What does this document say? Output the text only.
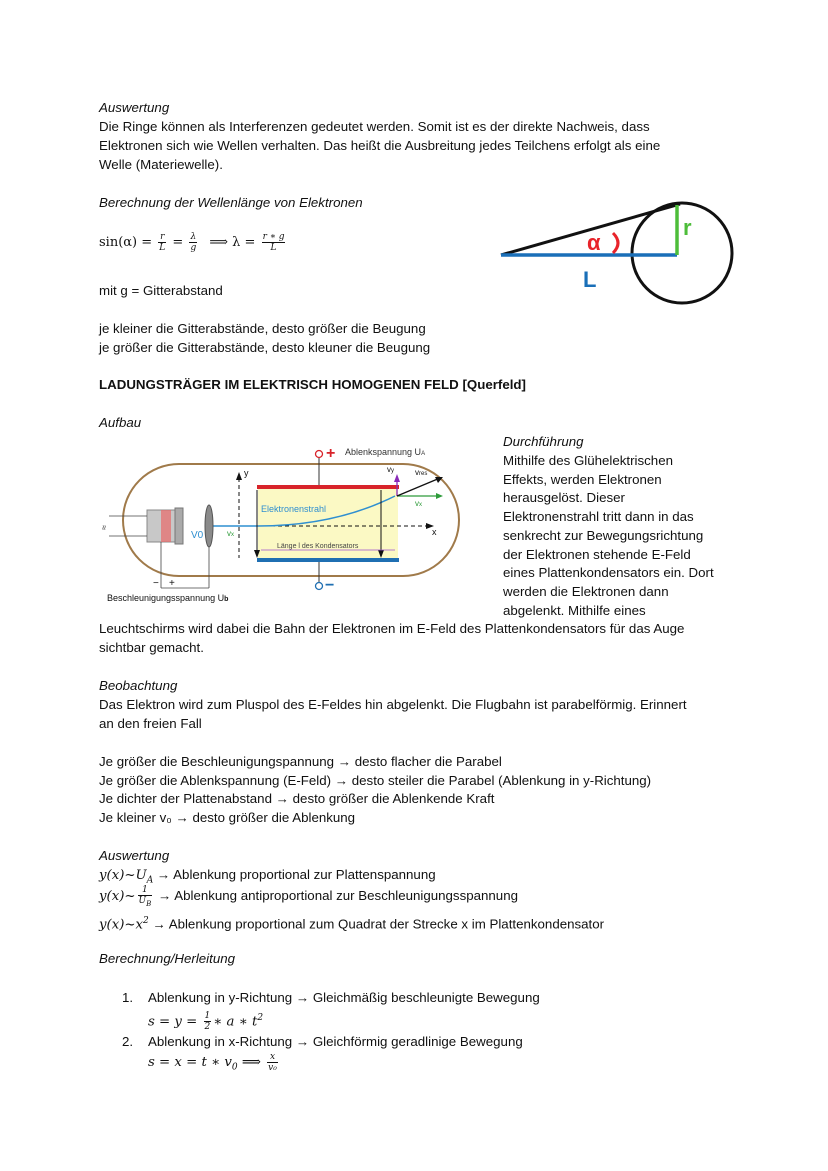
Auswertung
Die Ringe können als Interferenzen gedeutet werden. Somit ist es der direkte Nachweis, dass
Elektronen sich wie Wellen verhalten. Das heißt die Ausbreitung jedes Teilchens erfolgt als eine
Welle (Materiewelle).
Berechnung der Wellenlänge von Elektronen
$\sin(\alpha) = \frac{r}{L} = \frac{\lambda}{g}$ ⟹ $\lambda = \frac{r ∗ g}{L}$
mit g = Gitterabstand
je kleiner die Gitterabstände, desto größer die Beugung
je größer die Gitterabstände, desto kleuner die Beugung
α
r
L
LADUNGSTRÄGER IM ELEKTRISCH HOMOGENEN FELD [Querfeld]
Aufbau
+ Ablenkspannung UA
−
y
x
vy	vres
vx
vx
Elektronenstrahl
Länge l des Kondensators
V0
≈
− +
Beschleunigungsspannung Ub
Durchführung
Mithilfe des Glühelektrischen
Effekts, werden Elektronen
herausgelöst. Dieser
Elektronenstrahl tritt dann in das
senkrecht zur Bewegungsrichtung
der Elektronen stehende E-Feld
eines Plattenkondensators ein. Dort
werden die Elektronen dann
abgelenkt. Mithilfe eines
Leuchtschirms wird dabei die Bahn der Elektronen im E-Feld des Plattenkondensators für das Auge
sichtbar gemacht.
Beobachtung
Das Elektron wird zum Pluspol des E-Feldes hin abgelenkt. Die Flugbahn ist parabelförmig. Erinnert
an den freien Fall
Je größer die Beschleunigungspannung → desto flacher die Parabel
Je größer die Ablenkspannung (E-Feld) → desto steiler die Parabel (Ablenkung in y-Richtung)
Je dichter der Plattenabstand → desto größer die Ablenkende Kraft
Je kleiner v₀ → desto größer die Ablenkung
Auswertung
$y(x)\sim U_A$ → Ablenkung proportional zur Plattenspannung
y(x)~ $\frac{1}{U_B}$ → Ablenkung antiproportional zur Beschleunigungsspannung
$y(x)\sim x^2$ → Ablenkung proportional zum Quadrat der Strecke x im Plattenkondensator
Berechnung/Herleitung
1. Ablenkung in y-Richtung → Gleichmäßig beschleunigte Bewegung
$s = y = \frac{1}{2}$ ∗ a ∗ $t^2$
2. Ablenkung in x-Richtung → Gleichförmig geradlinige Bewegung
s = x = t ∗ $v_0$ ⟹ $\frac{x}{\text{v₀}}$
